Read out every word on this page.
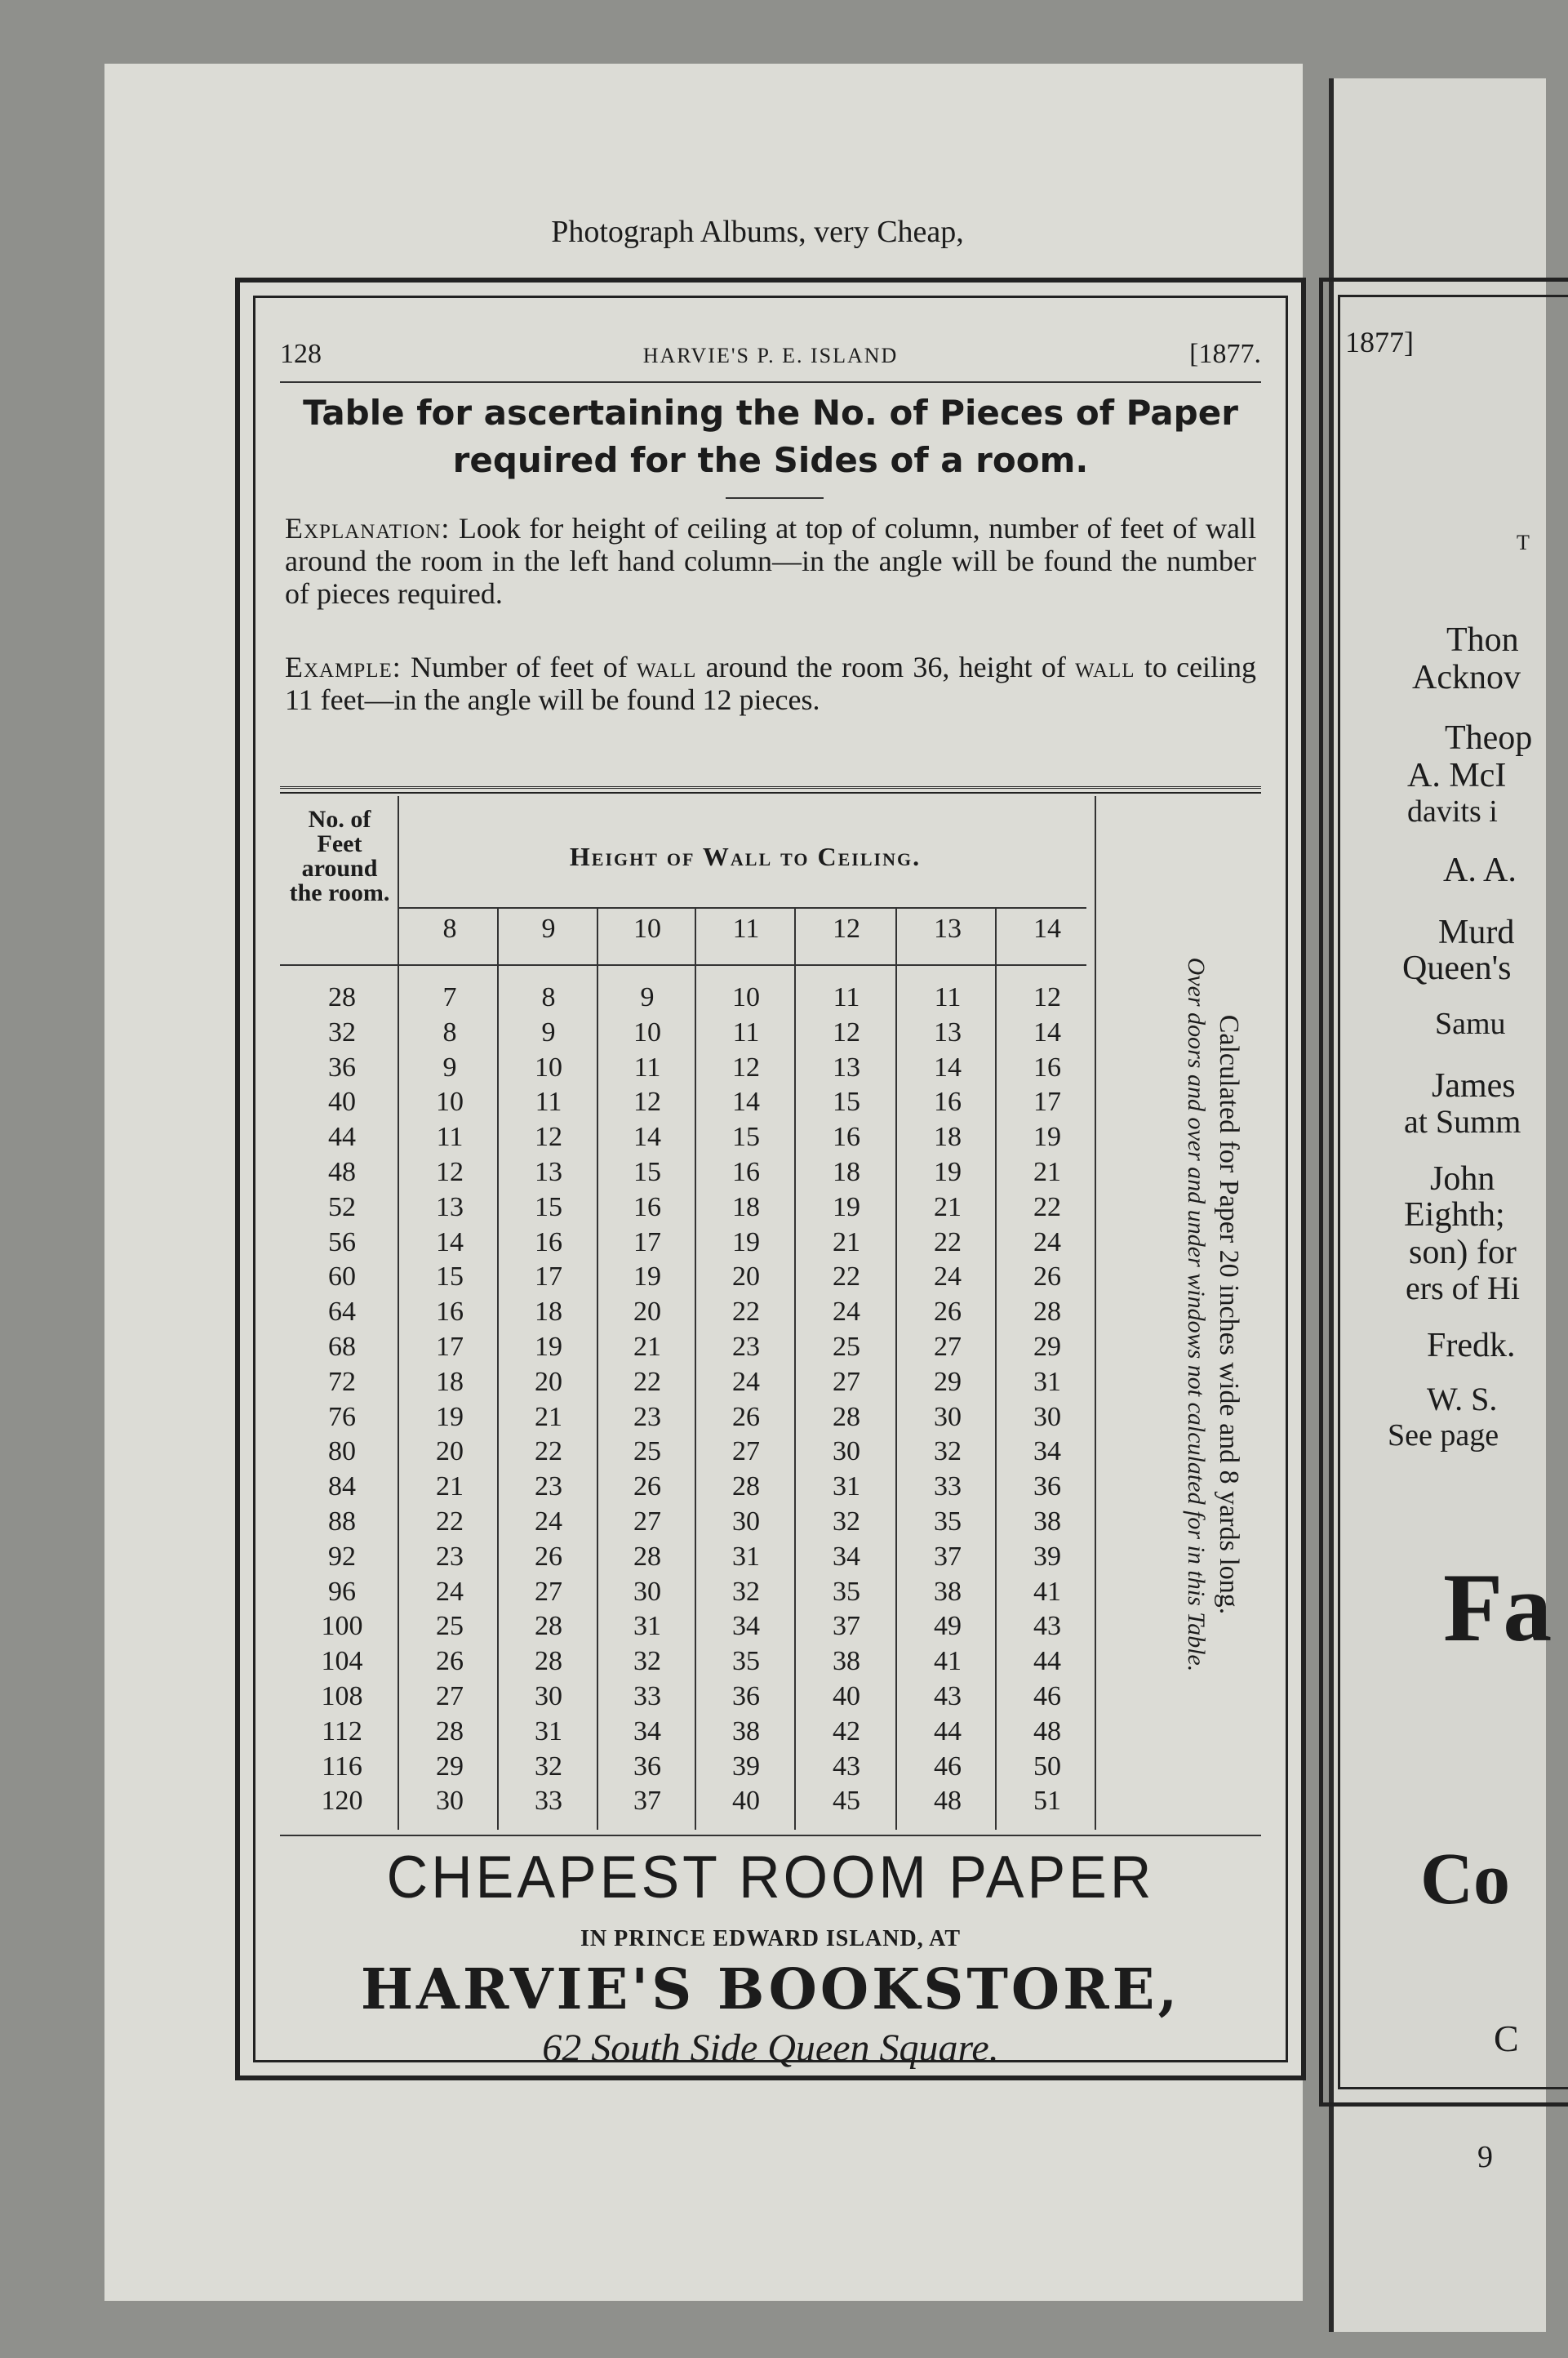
Photograph Albums, very Cheap,
128	HARVIE'S P. E. ISLAND	[1877.
Table for ascertaining the No. of Pieces of Paper required for the Sides of a room.
Explanation: Look for height of ceiling at top of column, number of feet of wall around the room in the left hand column—in the angle will be found the number of pieces required.
Example: Number of feet of wall around the room 36, height of wall to ceiling 11 feet—in the angle will be found 12 pieces.
No. of Feet around the room.
Height of Wall to Ceiling.
Calculated for Paper 20 inches wide and 8 yards long.
Over doors and over and under windows not calculated for in this Table.
8	9	10	11	12	13	14
28	7	8	9	10	11	11	12
32	8	9	10	11	12	13	14
36	9	10	11	12	13	14	16
40	10	11	12	14	15	16	17
44	11	12	14	15	16	18	19
48	12	13	15	16	18	19	21
52	13	15	16	18	19	21	22
56	14	16	17	19	21	22	24
60	15	17	19	20	22	24	26
64	16	18	20	22	24	26	28
68	17	19	21	23	25	27	29
72	18	20	22	24	27	29	31
76	19	21	23	26	28	30	30
80	20	22	25	27	30	32	34
84	21	23	26	28	31	33	36
88	22	24	27	30	32	35	38
92	23	26	28	31	34	37	39
96	24	27	30	32	35	38	41
100	25	28	31	34	37	49	43
104	26	28	32	35	38	41	44
108	27	30	33	36	40	43	46
112	28	31	34	38	42	44	48
116	29	32	36	39	43	46	50
120	30	33	37	40	45	48	51
CHEAPEST ROOM PAPER
IN PRINCE EDWARD ISLAND, AT
HARVIE'S BOOKSTORE,
62 South Side Queen Square.
1877]
T
Thon
Acknov
Theop
A. McI
davits i
A. A.
Murd
Queen's
Samu
James
at Summ
John
Eighth;
son) for
ers of Hi
Fredk.
W. S.
See page
Fa
Co
C
9
